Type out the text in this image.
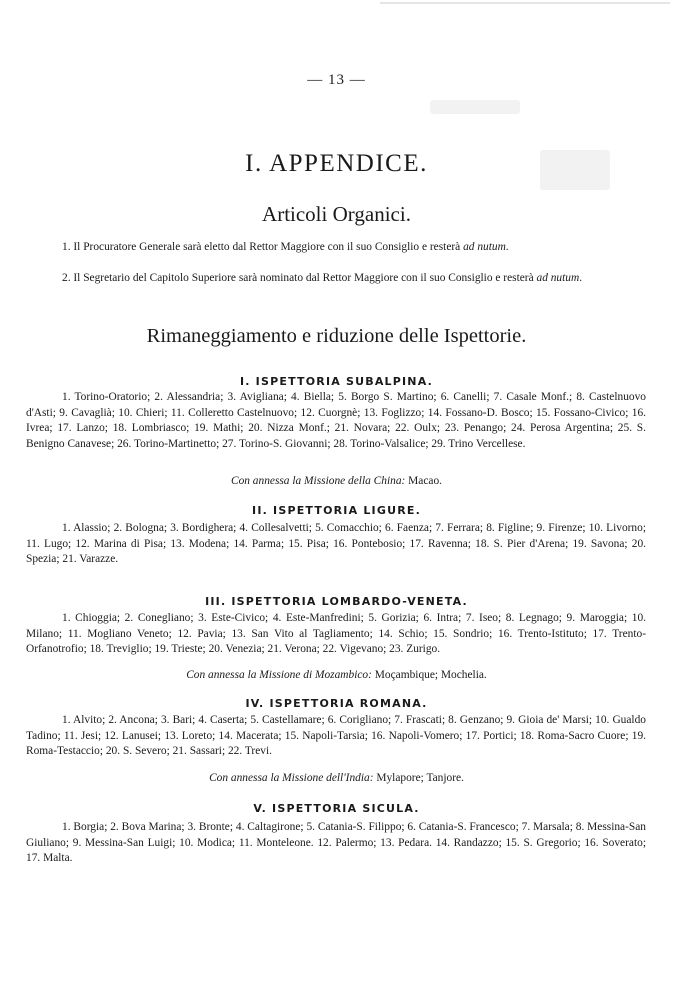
— 13 —
I. APPENDICE.
Articoli Organici.

1. Il Procuratore Generale sarà eletto dal Rettor Maggiore con il suo Consiglio e resterà ad nutum.

2. Il Segretario del Capitolo Superiore sarà nominato dal Rettor Maggiore con il suo Consiglio e resterà ad nutum.

Rimaneggiamento e riduzione delle Ispettorie.
I. ISPETTORIA SUBALPINA.

1. Torino-Oratorio; 2. Alessandria; 3. Avigliana; 4. Biella; 5. Borgo S. Martino; 6. Canelli; 7. Casale Monf.; 8. Castelnuovo d'Asti; 9. Cavaglià; 10. Chieri; 11. Colleretto Castelnuovo; 12. Cuorgnè; 13. Foglizzo; 14. Fossano-D. Bosco; 15. Fossano-Civico; 16. Ivrea; 17. Lanzo; 18. Lombriasco; 19. Mathi; 20. Nizza Monf.; 21. Novara; 22. Oulx; 23. Penango; 24. Perosa Argentina; 25. S. Benigno Canavese; 26. Torino-Martinetto; 27. Torino-S. Giovanni; 28. Torino-Valsalice; 29. Trino Vercellese.

Con annessa la Missione della China: Macao.
II. ISPETTORIA LIGURE.

1. Alassio; 2. Bologna; 3. Bordighera; 4. Collesalvetti; 5. Comacchio; 6. Faenza; 7. Ferrara; 8. Figline; 9. Firenze; 10. Livorno; 11. Lugo; 12. Marina di Pisa; 13. Modena; 14. Parma; 15. Pisa; 16. Pontebosio; 17. Ravenna; 18. S. Pier d'Arena; 19. Savona; 20. Spezia; 21. Varazze.

III. ISPETTORIA LOMBARDO-VENETA.

1. Chioggia; 2. Conegliano; 3. Este-Civico; 4. Este-Manfredini; 5. Gorizia; 6. Intra; 7. Iseo; 8. Legnago; 9. Maroggia; 10. Milano; 11. Mogliano Veneto; 12. Pavia; 13. San Vito al Tagliamento; 14. Schio; 15. Sondrio; 16. Trento-Istituto; 17. Trento-Orfanotrofio; 18. Treviglio; 19. Trieste; 20. Venezia; 21. Verona; 22. Vigevano; 23. Zurigo.

Con annessa la Missione di Mozambico: Moçambique; Mochelia.
IV. ISPETTORIA ROMANA.

1. Alvito; 2. Ancona; 3. Bari; 4. Caserta; 5. Castellamare; 6. Corigliano; 7. Frascati; 8. Genzano; 9. Gioia de' Marsi; 10. Gualdo Tadino; 11. Jesi; 12. Lanusei; 13. Loreto; 14. Macerata; 15. Napoli-Tarsia; 16. Napoli-Vomero; 17. Portici; 18. Roma-Sacro Cuore; 19. Roma-Testaccio; 20. S. Severo; 21. Sassari; 22. Trevi.

Con annessa la Missione dell'India: Mylapore; Tanjore.
V. ISPETTORIA SICULA.

1. Borgia; 2. Bova Marina; 3. Bronte; 4. Caltagirone; 5. Catania-S. Filippo; 6. Catania-S. Francesco; 7. Marsala; 8. Messina-San Giuliano; 9. Messina-San Luigi; 10. Modica; 11. Monteleone. 12. Palermo; 13. Pedara. 14. Randazzo; 15. S. Gregorio; 16. Soverato; 17. Malta.
